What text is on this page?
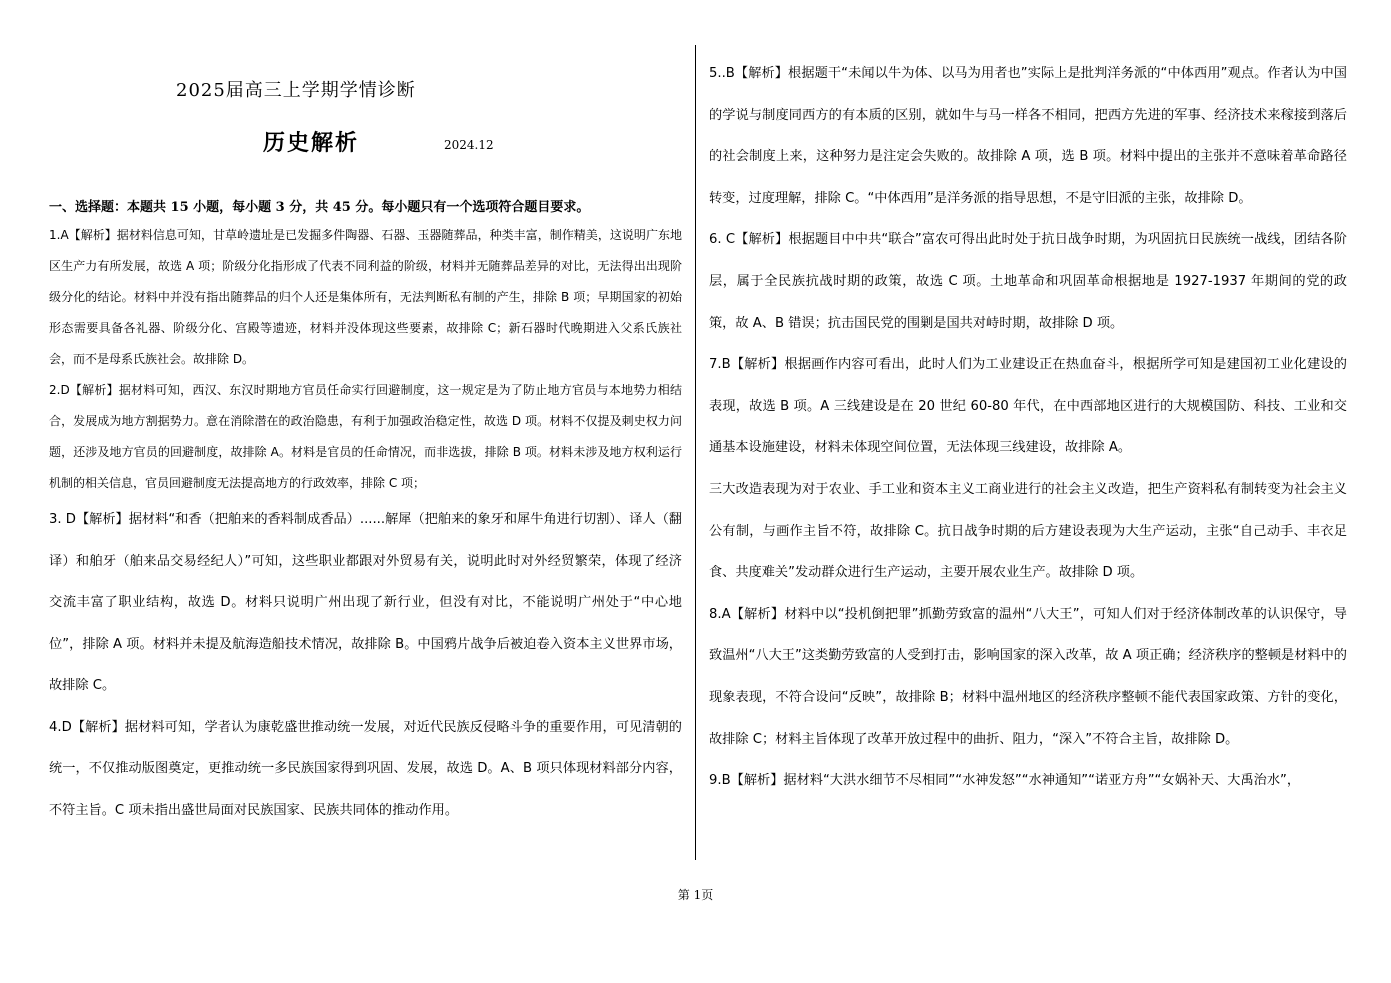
2025届高三上学期学情诊断
历史解析	2024.12
一、选择题：本题共 15 小题，每小题 3 分，共 45 分。每小题只有一个选项符合题目要求。

1.A【解析】据材料信息可知，甘草岭遗址是已发掘多件陶器、石器、玉器随葬品，种类丰富，制作精美，这说明广东地区生产力有所发展，故选 A 项；阶级分化指形成了代表不同利益的阶级，材料并无随葬品差异的对比，无法得出出现阶级分化的结论。材料中并没有指出随葬品的归个人还是集体所有，无法判断私有制的产生，排除 B 项；早期国家的初始形态需要具备各礼器、阶级分化、宫殿等遗迹，材料并没体现这些要素，故排除 C；新石器时代晚期进入父系氏族社会，而不是母系氏族社会。故排除 D。

2.D【解析】据材料可知，西汉、东汉时期地方官员任命实行回避制度，这一规定是为了防止地方官员与本地势力相结合，发展成为地方割据势力。意在消除潜在的政治隐患，有利于加强政治稳定性，故选 D 项。材料不仅提及刺史权力问题，还涉及地方官员的回避制度，故排除 A。材料是官员的任命情况，而非选拔，排除 B 项。材料未涉及地方权利运行机制的相关信息，官员回避制度无法提高地方的行政效率，排除 C 项；

3. D【解析】据材料“和香（把舶来的香料制成香品）......解犀（把舶来的象牙和犀牛角进行切割）、译人（翻译）和舶牙（舶来品交易经纪人）”可知，这些职业都跟对外贸易有关，说明此时对外经贸繁荣，体现了经济交流丰富了职业结构，故选 D。材料只说明广州出现了新行业，但没有对比，不能说明广州处于“中心地位”，排除 A 项。材料并未提及航海造船技术情况，故排除 B。中国鸦片战争后被迫卷入资本主义世界市场，故排除 C。

4.D【解析】据材料可知，学者认为康乾盛世推动统一发展，对近代民族反侵略斗争的重要作用，可见清朝的统一，不仅推动版图奠定，更推动统一多民族国家得到巩固、发展，故选 D。A、B 项只体现材料部分内容，不符主旨。C 项未指出盛世局面对民族国家、民族共同体的推动作用。

5..B【解析】根据题干“未闻以牛为体、以马为用者也”实际上是批判洋务派的“中体西用”观点。作者认为中国的学说与制度同西方的有本质的区别，就如牛与马一样各不相同，把西方先进的军事、经济技术来稼接到落后的社会制度上来，这种努力是注定会失败的。故排除 A 项，选 B 项。材料中提出的主张并不意味着革命路径转变，过度理解，排除 C。“中体西用”是洋务派的指导思想，不是守旧派的主张，故排除 D。

6. C【解析】根据题目中中共“联合”富农可得出此时处于抗日战争时期，为巩固抗日民族统一战线，团结各阶层，属于全民族抗战时期的政策，故选 C 项。土地革命和巩固革命根据地是 1927-1937 年期间的党的政策，故 A、B 错误；抗击国民党的围剿是国共对峙时期，故排除 D 项。

7.B【解析】根据画作内容可看出，此时人们为工业建设正在热血奋斗，根据所学可知是建国初工业化建设的表现，故选 B 项。A 三线建设是在 20 世纪 60-80 年代，在中西部地区进行的大规模国防、科技、工业和交通基本设施建设，材料未体现空间位置，无法体现三线建设，故排除 A。

三大改造表现为对于农业、手工业和资本主义工商业进行的社会主义改造，把生产资料私有制转变为社会主义公有制，与画作主旨不符，故排除 C。抗日战争时期的后方建设表现为大生产运动，主张“自己动手、丰衣足食、共度难关”发动群众进行生产运动，主要开展农业生产。故排除 D 项。

8.A【解析】材料中以“投机倒把罪”抓勤劳致富的温州“八大王”，可知人们对于经济体制改革的认识保守，导致温州“八大王”这类勤劳致富的人受到打击，影响国家的深入改革，故 A 项正确；经济秩序的整顿是材料中的现象表现，不符合设问“反映”，故排除 B；材料中温州地区的经济秩序整顿不能代表国家政策、方针的变化，故排除 C；材料主旨体现了改革开放过程中的曲折、阻力，“深入”不符合主旨，故排除 D。

9.B【解析】据材料“大洪水细节不尽相同”“水神发怒”“水神通知”“诺亚方舟”“女娲补天、大禹治水”，

第 1页
